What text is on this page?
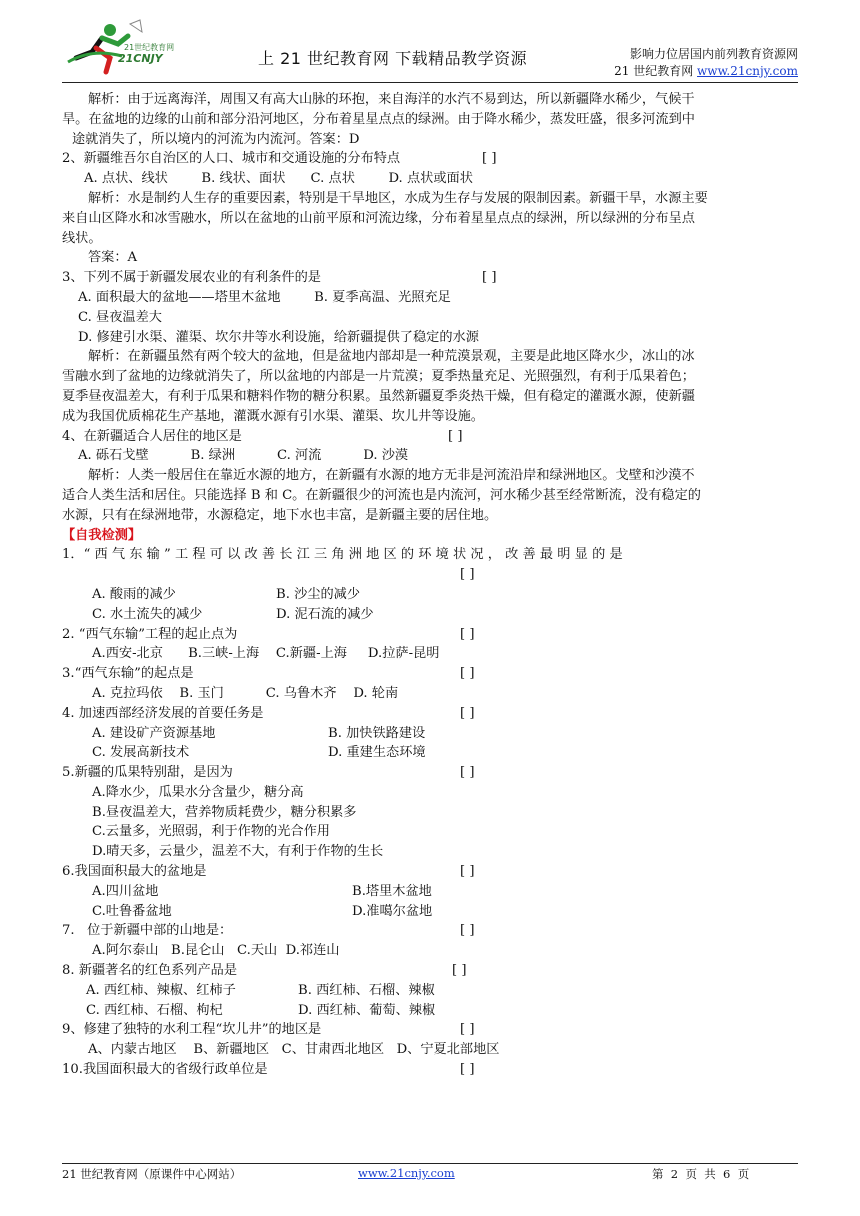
21世纪教育网
21CNJY	上 21 世纪教育网 下载精品教学资源	影响力位居国内前列教育资源网
21 世纪教育网 www.21cnjy.com

解析：由于远离海洋，周围又有高大山脉的环抱，来自海洋的水汽不易到达，所以新疆降水稀少，气候干

旱。在盆地的边缘的山前和部分沿河地区，分布着星星点点的绿洲。由于降水稀少，蒸发旺盛，很多河流到中

途就消失了，所以境内的河流为内流河。答案：D

2、新疆维吾尔自治区的人口、城市和交通设施的分布特点	[ ]

A. 点状、线状        B. 线状、面状      C. 点状        D. 点状或面状

解析：水是制约人生存的重要因素，特别是干旱地区，水成为生存与发展的限制因素。新疆干旱，水源主要

来自山区降水和冰雪融水，所以在盆地的山前平原和河流边缘，分布着星星点点的绿洲，所以绿洲的分布呈点

线状。

答案：A

3、下列不属于新疆发展农业的有利条件的是	[ ]

A. 面积最大的盆地——塔里木盆地        B. 夏季高温、光照充足

C. 昼夜温差大

D. 修建引水渠、灌渠、坎尔井等水利设施，给新疆提供了稳定的水源

解析：在新疆虽然有两个较大的盆地，但是盆地内部却是一种荒漠景观，主要是此地区降水少，冰山的冰

雪融水到了盆地的边缘就消失了，所以盆地的内部是一片荒漠；夏季热量充足、光照强烈，有利于瓜果着色；

夏季昼夜温差大，有利于瓜果和糖料作物的糖分积累。虽然新疆夏季炎热干燥，但有稳定的灌溉水源，使新疆

成为我国优质棉花生产基地，灌溉水源有引水渠、灌渠、坎儿井等设施。

4、在新疆适合人居住的地区是	[ ]

A. 砾石戈壁          B. 绿洲          C. 河流          D. 沙漠

解析：人类一般居住在靠近水源的地方，在新疆有水源的地方无非是河流沿岸和绿洲地区。戈壁和沙漠不

适合人类生活和居住。只能选择 B 和 C。在新疆很少的河流也是内流河，河水稀少甚至经常断流，没有稳定的

水源，只有在绿洲地带，水源稳定，地下水也丰富，是新疆主要的居住地。

【自我检测】

1．“ 西 气 东 输 ” 工 程 可 以 改 善 长 江 三 角 洲 地 区 的 环 境 状 况 ， 改 善 最 明 显 的 是

[ ]
A. 酸雨的减少	B. 沙尘的减少
C. 水土流失的减少	D. 泥石流的减少
2. “西气东输”工程的起止点为	[ ]

A.西安-北京      B.三峡-上海    C.新疆-上海     D.拉萨-昆明

3.“西气东输”的起点是	[ ]

A. 克拉玛依    B. 玉门          C. 乌鲁木齐    D. 轮南

4. 加速西部经济发展的首要任务是	[ ]
A. 建设矿产资源基地	B. 加快铁路建设
C. 发展高新技术	D. 重建生态环境
5.新疆的瓜果特别甜，是因为	[ ]

A.降水少，瓜果水分含量少，糖分高

B.昼夜温差大，营养物质耗费少，糖分积累多

C.云量多，光照弱，利于作物的光合作用

D.晴天多，云量少，温差不大，有利于作物的生长

6.我国面积最大的盆地是	[ ]
A.四川盆地	B.塔里木盆地
C.吐鲁番盆地	D.准噶尔盆地
7.   位于新疆中部的山地是：	[ ]

A.阿尔泰山   B.昆仑山   C.天山  D.祁连山

8. 新疆著名的红色系列产品是	[ ]
A. 西红柿、辣椒、红柿子	B. 西红柿、石榴、辣椒
C. 西红柿、石榴、枸杞	D. 西红柿、葡萄、辣椒
9、修建了独特的水利工程“坎儿井”的地区是	[ ]

A、内蒙古地区    B、新疆地区   C、甘肃西北地区   D、宁夏北部地区

10.我国面积最大的省级行政单位是	[ ]
21 世纪教育网（原课件中心网站）	www.21cnjy.com	第  2  页  共  6  页
